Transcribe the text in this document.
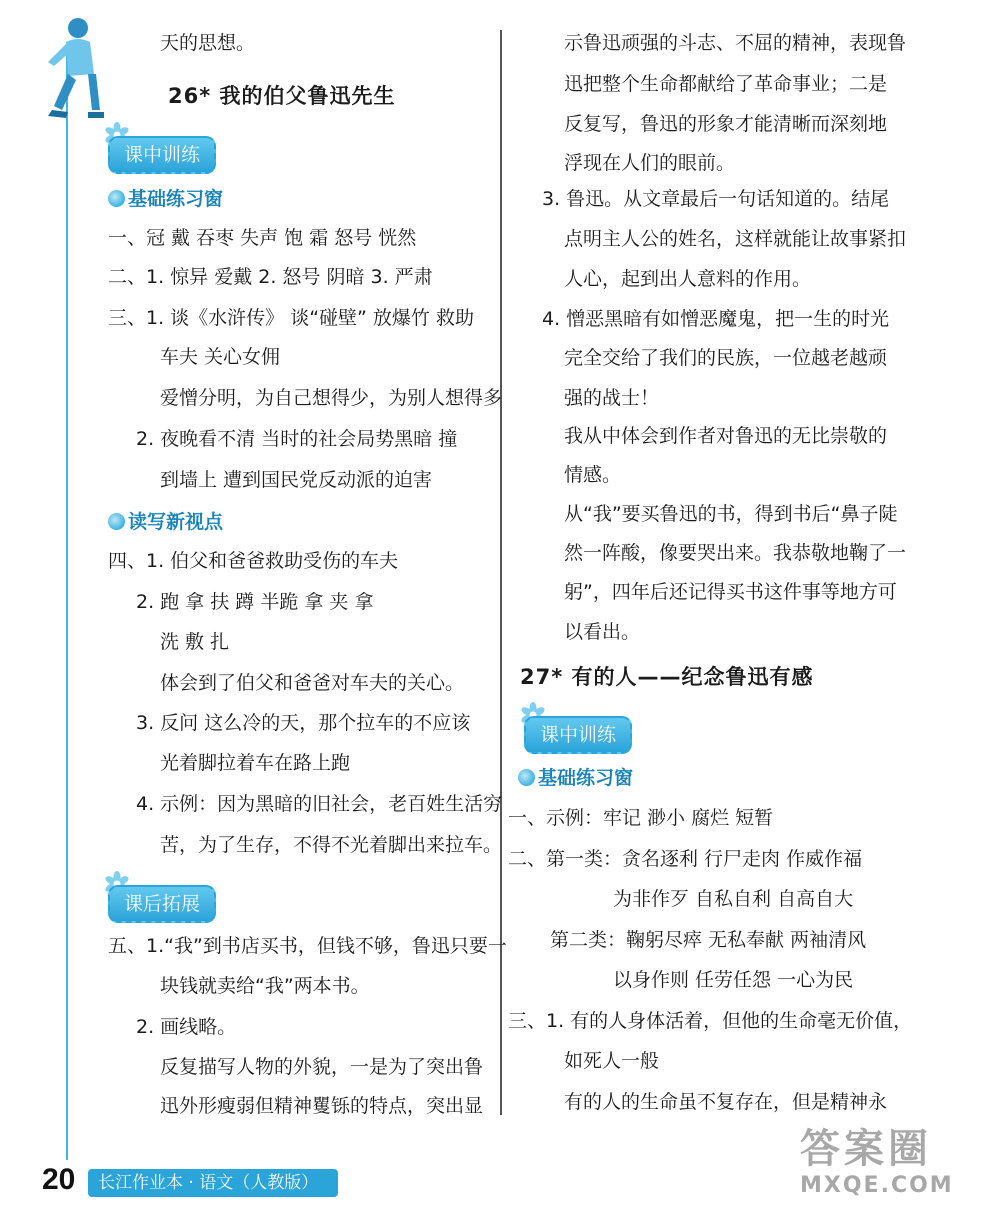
天的思想。
26* 我的伯父鲁迅先生
课中训练
基础练习窗
一、冠 戴 吞枣 失声 饱 霜 怒号 恍然
二、1. 惊异 爱戴 2. 怒号 阴暗 3. 严肃
三、1. 谈《水浒传》 谈“碰壁” 放爆竹 救助
车夫 关心女佣
爱憎分明，为自己想得少，为别人想得多
2. 夜晚看不清 当时的社会局势黑暗 撞
到墙上 遭到国民党反动派的迫害
读写新视点
四、1. 伯父和爸爸救助受伤的车夫
2. 跑 拿 扶 蹲 半跪 拿 夹 拿
洗 敷 扎
体会到了伯父和爸爸对车夫的关心。
3. 反问 这么冷的天，那个拉车的不应该
光着脚拉着车在路上跑
4. 示例：因为黑暗的旧社会，老百姓生活穷
苦，为了生存，不得不光着脚出来拉车。
课后拓展
五、1.“我”到书店买书，但钱不够，鲁迅只要一
块钱就卖给“我”两本书。
2. 画线略。
反复描写人物的外貌，一是为了突出鲁
迅外形瘦弱但精神矍铄的特点，突出显
示鲁迅顽强的斗志、不屈的精神，表现鲁
迅把整个生命都献给了革命事业；二是
反复写，鲁迅的形象才能清晰而深刻地
浮现在人们的眼前。
3. 鲁迅。从文章最后一句话知道的。结尾
点明主人公的姓名，这样就能让故事紧扣
人心，起到出人意料的作用。
4. 憎恶黑暗有如憎恶魔鬼，把一生的时光
完全交给了我们的民族，一位越老越顽
强的战士！
我从中体会到作者对鲁迅的无比崇敬的
情感。
从“我”要买鲁迅的书，得到书后“鼻子陡
然一阵酸，像要哭出来。我恭敬地鞠了一
躬”，四年后还记得买书这件事等地方可
以看出。
27* 有的人——纪念鲁迅有感
课中训练
基础练习窗
一、示例：牢记 渺小 腐烂 短暂
二、第一类：贪名逐利 行尸走肉 作威作福
为非作歹 自私自利 自高自大
第二类：鞠躬尽瘁 无私奉献 两袖清风
以身作则 任劳任怨 一心为民
三、1. 有的人身体活着，但他的生命毫无价值，
如死人一般
有的人的生命虽不复存在，但是精神永
20	长江作业本 · 语文（人教版）
答案圈
MXQE.COM
